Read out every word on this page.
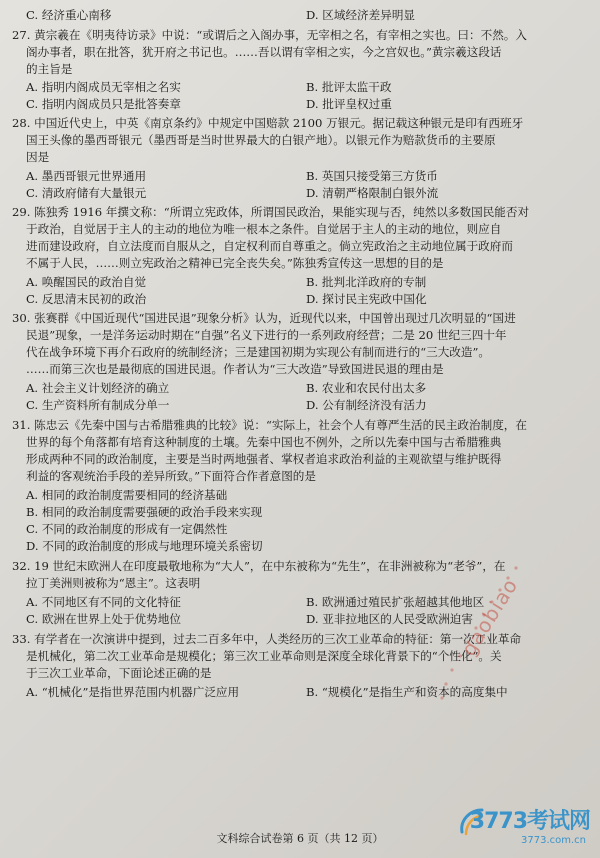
C. 经济重心南移	D. 区域经济差异明显
27. 黄宗羲在《明夷待访录》中说：“或谓后之入阁办事，无宰相之名，有宰相之实也。曰：不然。入
阁办事者，职在批答，犹开府之书记也。……吾以谓有宰相之实，今之宫奴也。”黄宗羲这段话
的主旨是
A. 指明内阁成员无宰相之名实	B. 批评太监干政
C. 指明内阁成员只是批答奏章	D. 批评皇权过重
28. 中国近代史上，中英《南京条约》中规定中国赔款 2100 万银元。据记载这种银元是印有西班牙
国王头像的墨西哥银元（墨西哥是当时世界最大的白银产地）。以银元作为赔款货币的主要原
因是
A. 墨西哥银元世界通用	B. 英国只接受第三方货币
C. 清政府储有大量银元	D. 清朝严格限制白银外流
29. 陈独秀 1916 年撰文称：“所谓立宪政体，所谓国民政治，果能实现与否，纯然以多数国民能否对
于政治，自觉居于主人的主动的地位为唯一根本之条件。自觉居于主人的主动的地位，则应自
进而建设政府，自立法度而自服从之，自定权利而自尊重之。倘立宪政治之主动地位属于政府而
不属于人民，……则立宪政治之精神已完全丧失矣。”陈独秀宣传这一思想的目的是
A. 唤醒国民的政治自觉	B. 批判北洋政府的专制
C. 反思清末民初的政治	D. 探讨民主宪政中国化
30. 张赛群《中国近现代“国进民退”现象分析》认为，近现代以来，中国曾出现过几次明显的“国进
民退”现象，一是洋务运动时期在“自强”名义下进行的一系列政府经营；二是 20 世纪三四十年
代在战争环境下再介石政府的统制经济；三是建国初期为实现公有制而进行的“三大改造”。
……而第三次也是最彻底的国进民退。作者认为“三大改造”导致国进民退的理由是
A. 社会主义计划经济的确立	B. 农业和农民付出太多
C. 生产资料所有制成分单一	D. 公有制经济没有活力
31. 陈忠云《先秦中国与古希腊雅典的比较》说：“实际上，社会个人有尊严生活的民主政治制度，在
世界的每个角落都有培育这种制度的土壤。先秦中国也不例外，之所以先秦中国与古希腊雅典
形成两种不同的政治制度，主要是当时两地强者、掌权者追求政治利益的主观欲望与维护既得
利益的客观统治手段的差异所致。”下面符合作者意图的是
A. 相同的政治制度需要相同的经济基础
B. 相同的政治制度需要强硬的政治手段来实现
C. 不同的政治制度的形成有一定偶然性
D. 不同的政治制度的形成与地理环境关系密切
32. 19 世纪末欧洲人在印度最敬地称为“大人”，在中东被称为“先生”，在非洲被称为“老爷”，在
拉丁美洲则被称为“恩主”。这表明
A. 不同地区有不同的文化特征	B. 欧洲通过殖民扩张超越其他地区
C. 欧洲在世界上处于优势地位	D. 亚非拉地区的人民受欧洲迫害
33. 有学者在一次演讲中提到，过去二百多年中，人类经历的三次工业革命的特征：第一次工业革命
是机械化，第二次工业革命是规模化；第三次工业革命则是深度全球化背景下的“个性化”。关
于三次工业革命，下面论述正确的是
A. “机械化”是指世界范围内机器广泛应用	B. “规模化”是指生产和资本的高度集中
gaobiao
文科综合试卷第 6 页（共 12 页）
3773考试网
3773.com.cn
